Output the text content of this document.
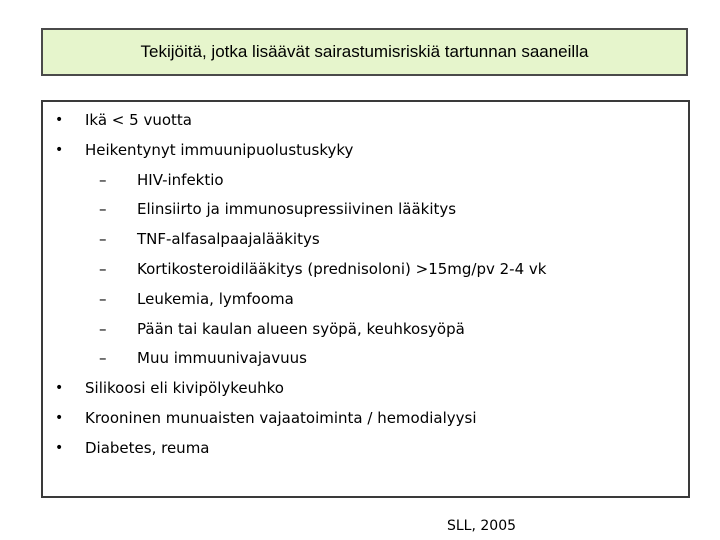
Tekijöitä, jotka lisäävät sairastumisriskiä tartunnan saaneilla
•	Ikä < 5 vuotta
•	Heikentynyt immuunipuolustuskyky
–	HIV-infektio
–	Elinsiirto ja immunosupressiivinen lääkitys
–	TNF-alfasalpaajalääkitys
–	Kortikosteroidilääkitys (prednisoloni) >15mg/pv 2-4 vk
–	Leukemia, lymfooma
–	Pään tai kaulan alueen syöpä, keuhkosyöpä
–	Muu immuunivajavuus
•	Silikoosi eli kivipölykeuhko
•	Krooninen munuaisten vajaatoiminta / hemodialyysi
•	Diabetes, reuma
SLL, 2005
